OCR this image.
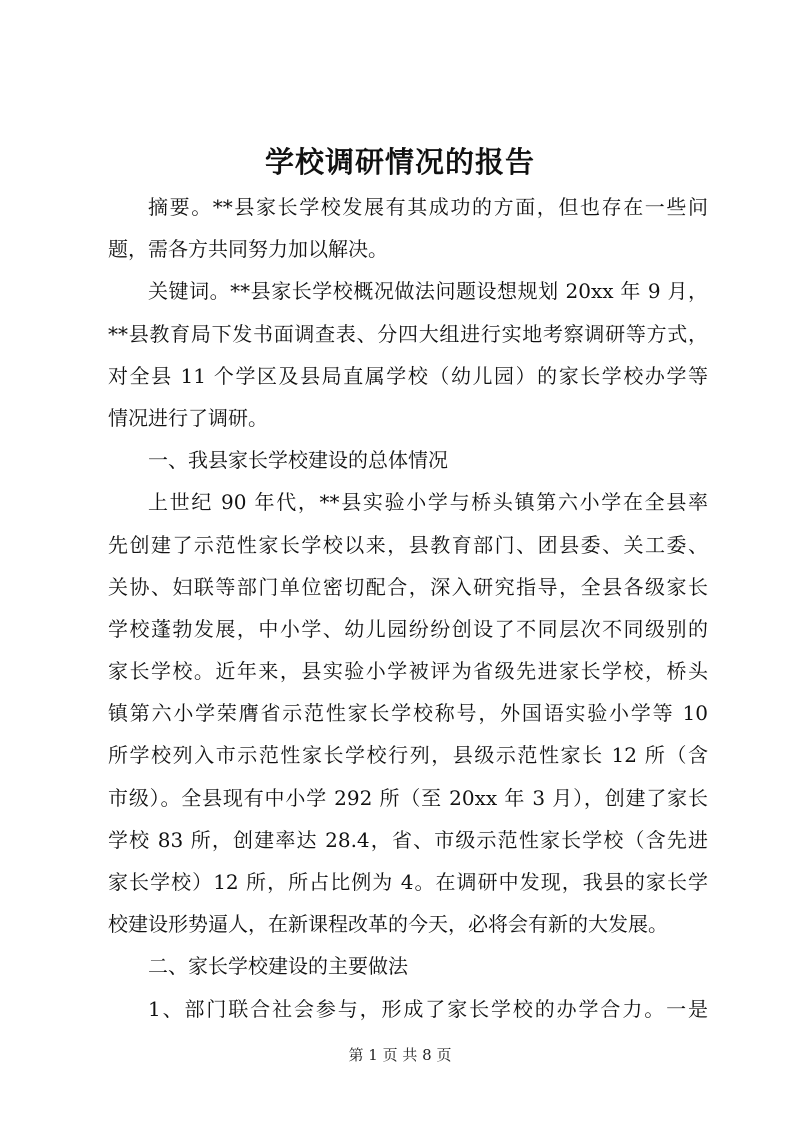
学校调研情况的报告
摘要。**县家长学校发展有其成功的方面，但也存在一些问
题，需各方共同努力加以解决。
关键词。**县家长学校概况做法问题设想规划 20xx 年 9 月，
**县教育局下发书面调查表、分四大组进行实地考察调研等方式，
对全县 11 个学区及县局直属学校（幼儿园）的家长学校办学等
情况进行了调研。
一、我县家长学校建设的总体情况
上世纪 90 年代，**县实验小学与桥头镇第六小学在全县率
先创建了示范性家长学校以来，县教育部门、团县委、关工委、
关协、妇联等部门单位密切配合，深入研究指导，全县各级家长
学校蓬勃发展，中小学、幼儿园纷纷创设了不同层次不同级别的
家长学校。近年来，县实验小学被评为省级先进家长学校，桥头
镇第六小学荣膺省示范性家长学校称号，外国语实验小学等 10
所学校列入市示范性家长学校行列，县级示范性家长 12 所（含
市级）。全县现有中小学 292 所（至 20xx 年 3 月），创建了家长
学校 83 所，创建率达 28.4，省、市级示范性家长学校（含先进
家长学校）12 所，所占比例为 4。在调研中发现，我县的家长学
校建设形势逼人，在新课程改革的今天，必将会有新的大发展。
二、家长学校建设的主要做法
1、部门联合社会参与，形成了家长学校的办学合力。一是
第 1 页 共 8 页
